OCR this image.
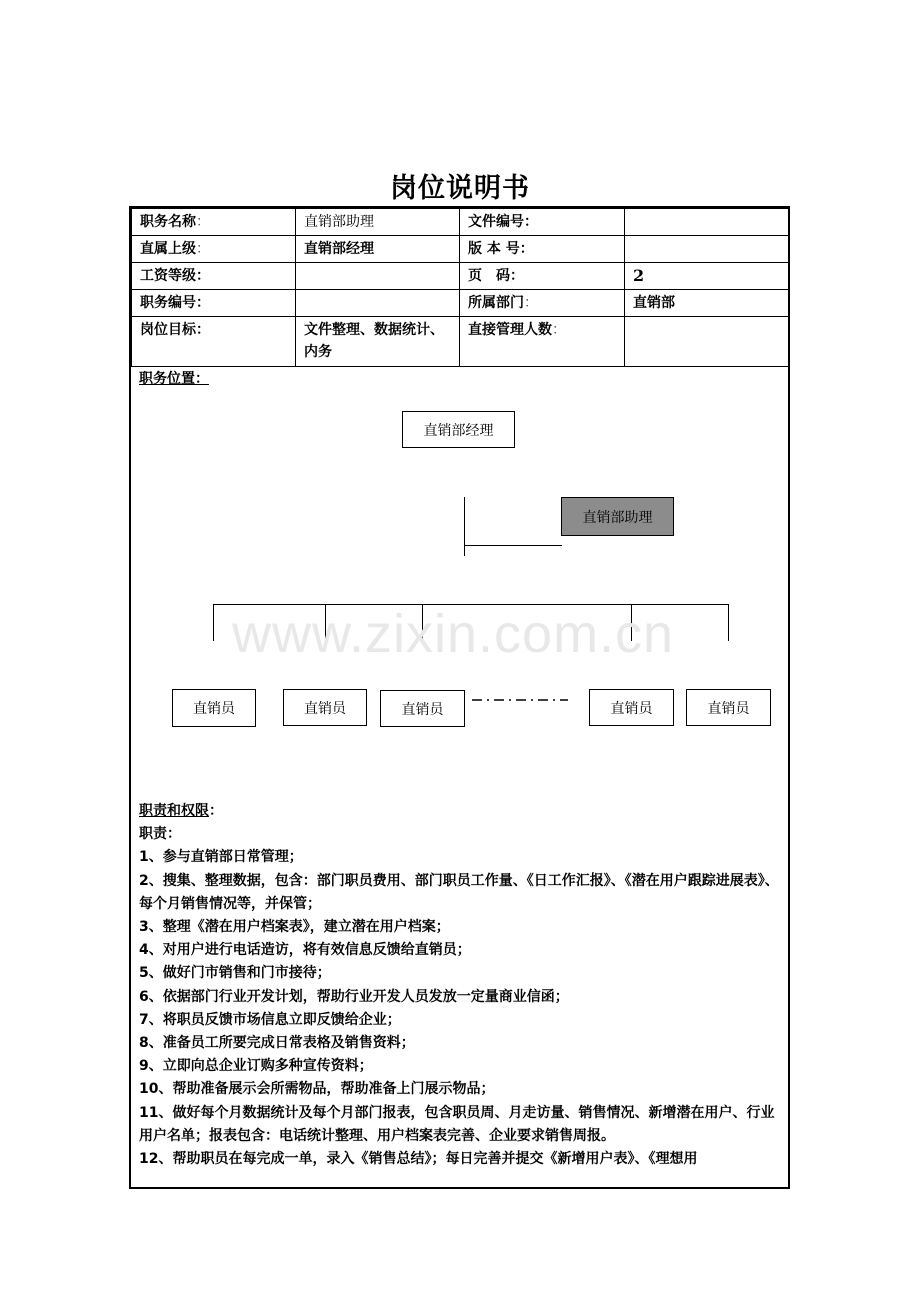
岗位说明书
职务名称：	直销部助理	文件编号：	
直属上级：	直销部经理	版 本 号：	
工资等级：		页　码：	2
职务编号：		所属部门：	直销部
岗位目标：	文件整理、数据统计、内务	直接管理人数：	
职务位置：
直销部经理
直销部助理
www.zixin.com.cn
直销员	直销员	直销员	直销员	直销员

职责和权限：

职责：

1、参与直销部日常管理；

2、搜集、整理数据，包含：部门职员费用、部门职员工作量、《日工作汇报》、《潜在用户跟踪进展表》、每个月销售情况等，并保管；

3、整理《潜在用户档案表》，建立潜在用户档案；

4、对用户进行电话造访，将有效信息反馈给直销员；

5、做好门市销售和门市接待；

6、依据部门行业开发计划，帮助行业开发人员发放一定量商业信函；

7、将职员反馈市场信息立即反馈给企业；

8、准备员工所要完成日常表格及销售资料；

9、立即向总企业订购多种宣传资料；

10、帮助准备展示会所需物品，帮助准备上门展示物品；

11、做好每个月数据统计及每个月部门报表，包含职员周、月走访量、销售情况、新增潜在用户、行业用户名单；报表包含：电话统计整理、用户档案表完善、企业要求销售周报。

12、帮助职员在每完成一单，录入《销售总结》；每日完善并提交《新增用户表》、《理想用
